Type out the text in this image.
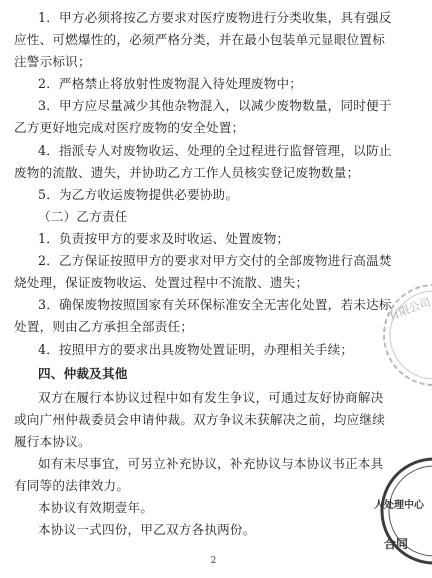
1．甲方必须将按乙方要求对医疗废物进行分类收集，具有强反
应性、可燃爆性的，必须严格分类，并在最小包装单元显眼位置标
注警示标识；
2．严格禁止将放射性废物混入待处理废物中；
3．甲方应尽量减少其他杂物混入，以减少废物数量，同时便于
乙方更好地完成对医疗废物的安全处置；
4．指派专人对废物收运、处理的全过程进行监督管理，以防止
废物的流散、遗失，并协助乙方工作人员核实登记废物数量；
5．为乙方收运废物提供必要协助。
（二）乙方责任
1．负责按甲方的要求及时收运、处置废物；
2．乙方保证按照甲方的要求对甲方交付的全部废物进行高温焚
烧处理，保证废物收运、处置过程中不流散、遗失；
3．确保废物按照国家有关环保标准安全无害化处置，若未达标
处置，则由乙方承担全部责任；
4．按照甲方的要求出具废物处置证明，办理相关手续；
四、仲裁及其他
双方在履行本协议过程中如有发生争议，可通过友好协商解决
或向广州仲裁委员会申请仲裁。双方争议未获解决之前，均应继续
履行本协议。
如有未尽事宜，可另立补充协议，补充协议与本协议书正本具
有同等的法律效力。
本协议有效期壹年。
本协议一式四份，甲乙双方各执两份。
2
有限公司
人处理中心
合同
